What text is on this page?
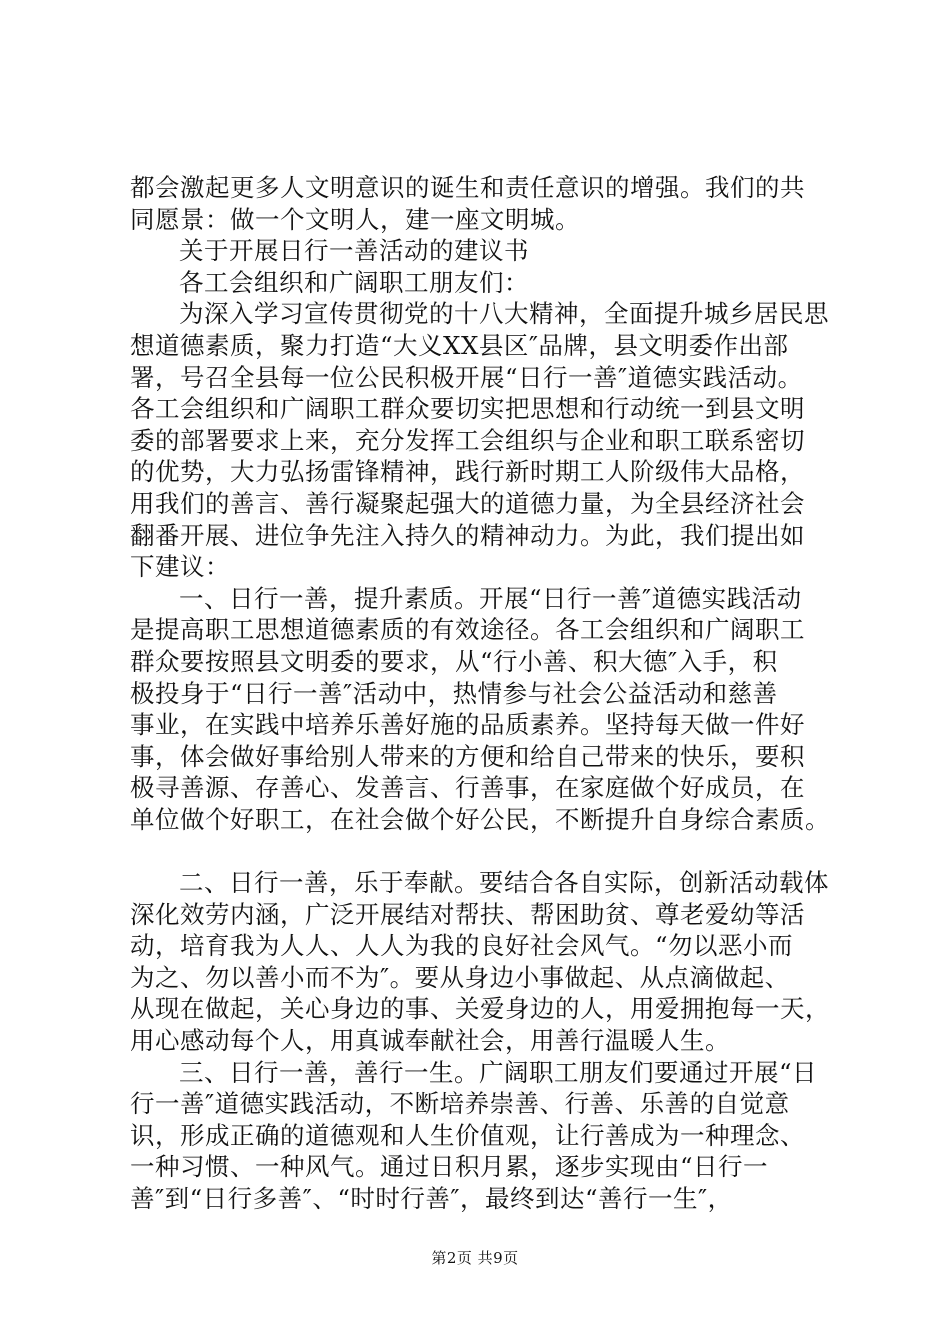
都会激起更多人文明意识的诞生和责任意识的增强。我们的共
同愿景：做一个文明人，建一座文明城。
关于开展日行一善活动的建议书
各工会组织和广阔职工朋友们：
为深入学习宣传贯彻党的十八大精神，全面提升城乡居民思
想道德素质，聚力打造“大义XX县区″品牌，县文明委作出部
署，号召全县每一位公民积极开展“日行一善″道德实践活动。
各工会组织和广阔职工群众要切实把思想和行动统一到县文明
委的部署要求上来，充分发挥工会组织与企业和职工联系密切
的优势，大力弘扬雷锋精神，践行新时期工人阶级伟大品格，
用我们的善言、善行凝聚起强大的道德力量，为全县经济社会
翻番开展、进位争先注入持久的精神动力。为此，我们提出如
下建议：
一、日行一善，提升素质。开展“日行一善″道德实践活动
是提高职工思想道德素质的有效途径。各工会组织和广阔职工
群众要按照县文明委的要求，从“行小善、积大德″入手，积
极投身于“日行一善″活动中，热情参与社会公益活动和慈善
事业，在实践中培养乐善好施的品质素养。坚持每天做一件好
事，体会做好事给别人带来的方便和给自己带来的快乐，要积
极寻善源、存善心、发善言、行善事，在家庭做个好成员，在
单位做个好职工，在社会做个好公民，不断提升自身综合素质。
二、日行一善，乐于奉献。要结合各自实际，创新活动载体
深化效劳内涵，广泛开展结对帮扶、帮困助贫、尊老爱幼等活
动，培育我为人人、人人为我的良好社会风气。“勿以恶小而
为之、勿以善小而不为″。要从身边小事做起、从点滴做起、
从现在做起，关心身边的事、关爱身边的人，用爱拥抱每一天，
用心感动每个人，用真诚奉献社会，用善行温暖人生。
三、日行一善，善行一生。广阔职工朋友们要通过开展“日
行一善″道德实践活动，不断培养崇善、行善、乐善的自觉意
识，形成正确的道德观和人生价值观，让行善成为一种理念、
一种习惯、一种风气。通过日积月累，逐步实现由“日行一
善″到“日行多善″、“时时行善″，最终到达“善行一生″，
第2页 共9页
